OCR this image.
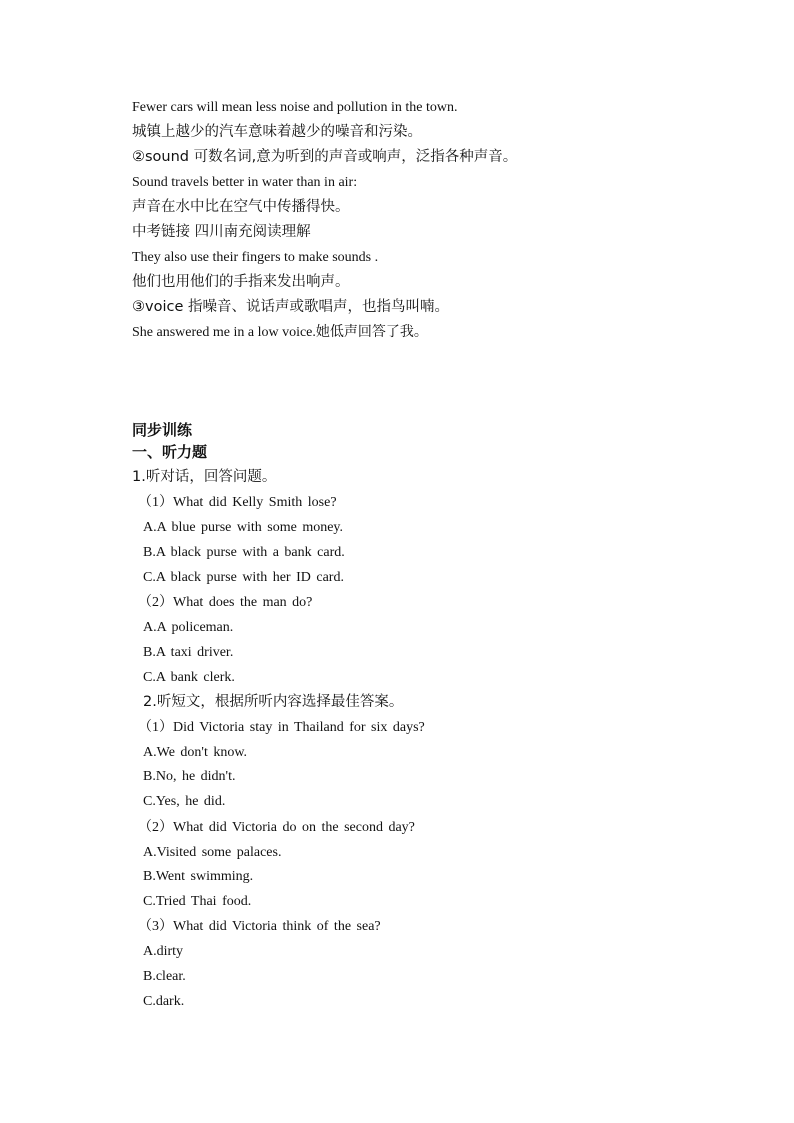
Fewer cars will mean less noise and pollution in the town.
城镇上越少的汽车意味着越少的噪音和污染。
②sound 可数名词,意为听到的声音或响声，泛指各种声音。
Sound travels better in water than in air:
声音在水中比在空气中传播得快。
中考链接 四川南充阅读理解
They also use their fingers to make sounds .
他们也用他们的手指来发出响声。
③voice 指噪音、说话声或歌唱声，也指鸟叫喃。
She answered me in a low voice.她低声回答了我。
同步训练
一、听力题
1.听对话，回答问题。
（1）What did Kelly Smith lose?
A.A blue purse with some money.
B.A black purse with a bank card.
C.A black purse with her ID card.
（2）What does the man do?
A.A policeman.
B.A taxi driver.
C.A bank clerk.
2.听短文，根据所听内容选择最佳答案。
（1）Did Victoria stay in Thailand for six days?
A.We don't know.
B.No, he didn't.
C.Yes, he did.
（2）What did Victoria do on the second day?
A.Visited some palaces.
B.Went swimming.
C.Tried Thai food.
（3）What did Victoria think of the sea?
A.dirty
B.clear.
C.dark.
